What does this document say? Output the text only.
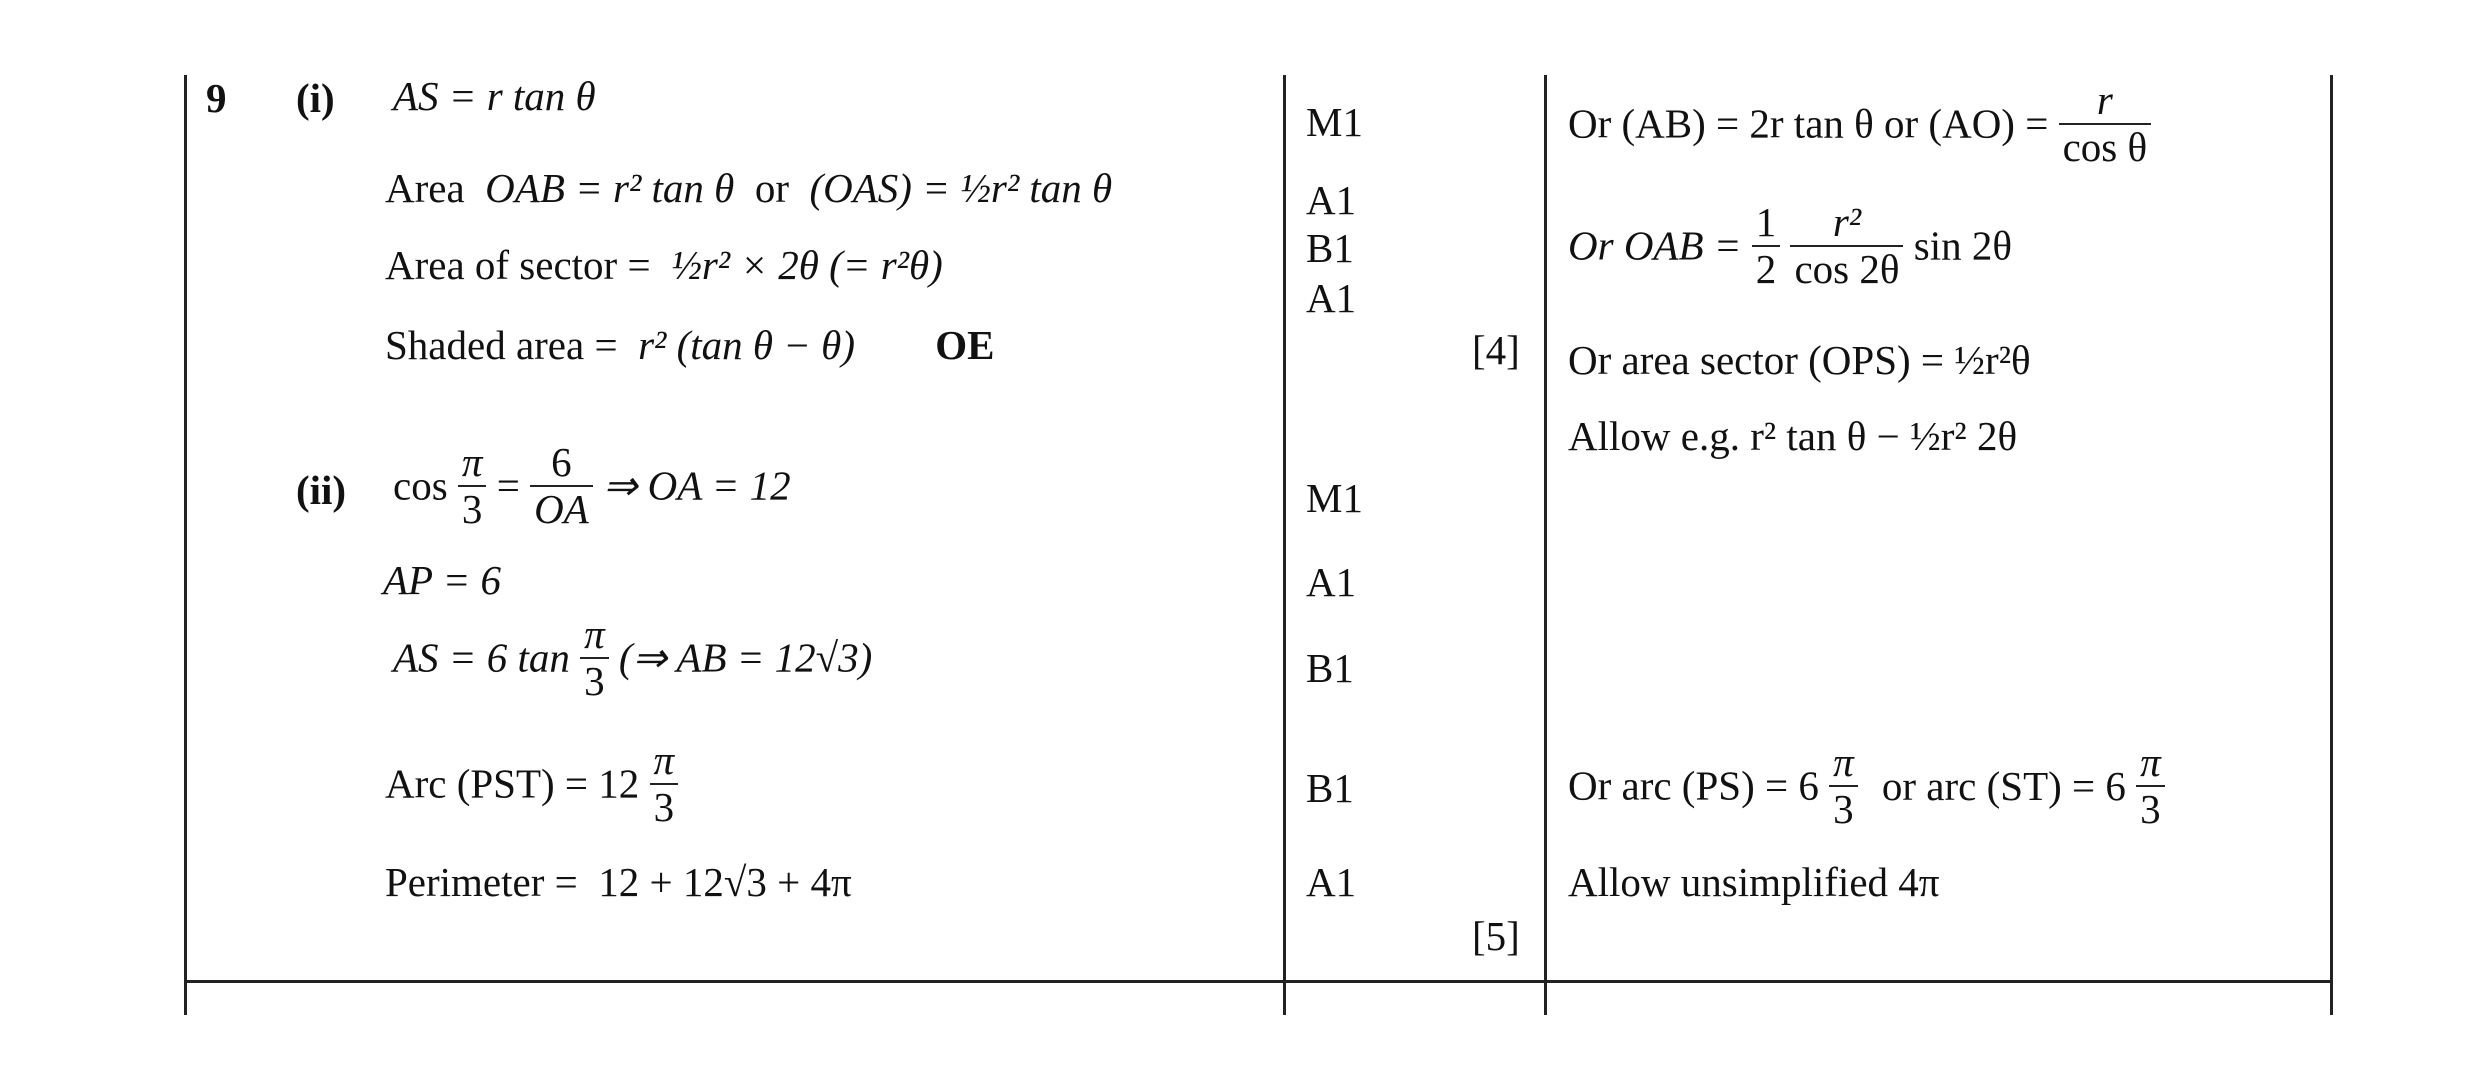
9 (i)
(ii)
AS = r tan θ
Area OAB = r² tan θ or (OAS) = ½r² tan θ
Area of sector = ½r² × 2θ (= r²θ)
Shaded area = r² (tan θ − θ) OE
$\cos \frac{\pi}{3} = \frac{6}{OA}$ ⇒ OA = 12
AP = 6
AS = 6 $\tan \frac{\pi}{3}$ (⇒ AB = 12√3)
Arc $(PST) = 12 \frac{\pi}{3}$
Perimeter = 12 + 12√3 + 4π
M1
A1
B1
A1
[4]
M1
A1
B1
B1
A1
[5]
Or (AB) = 2r tan θ or $(AO) = \frac{r}{\text{cos θ}}$
Or OAB = $\frac{1}{2}$
$\frac{\text{r²}}{\cos 2\theta}$ sin 2θ
Or area sector (OPS) = ½r²θ
Allow e.g. r² tan θ − ½r² 2θ
Or arc $(PS) = 6 \frac{\pi}{3}$ or arc $(ST) = 6 \frac{\pi}{3}$
Allow unsimplified 4π
